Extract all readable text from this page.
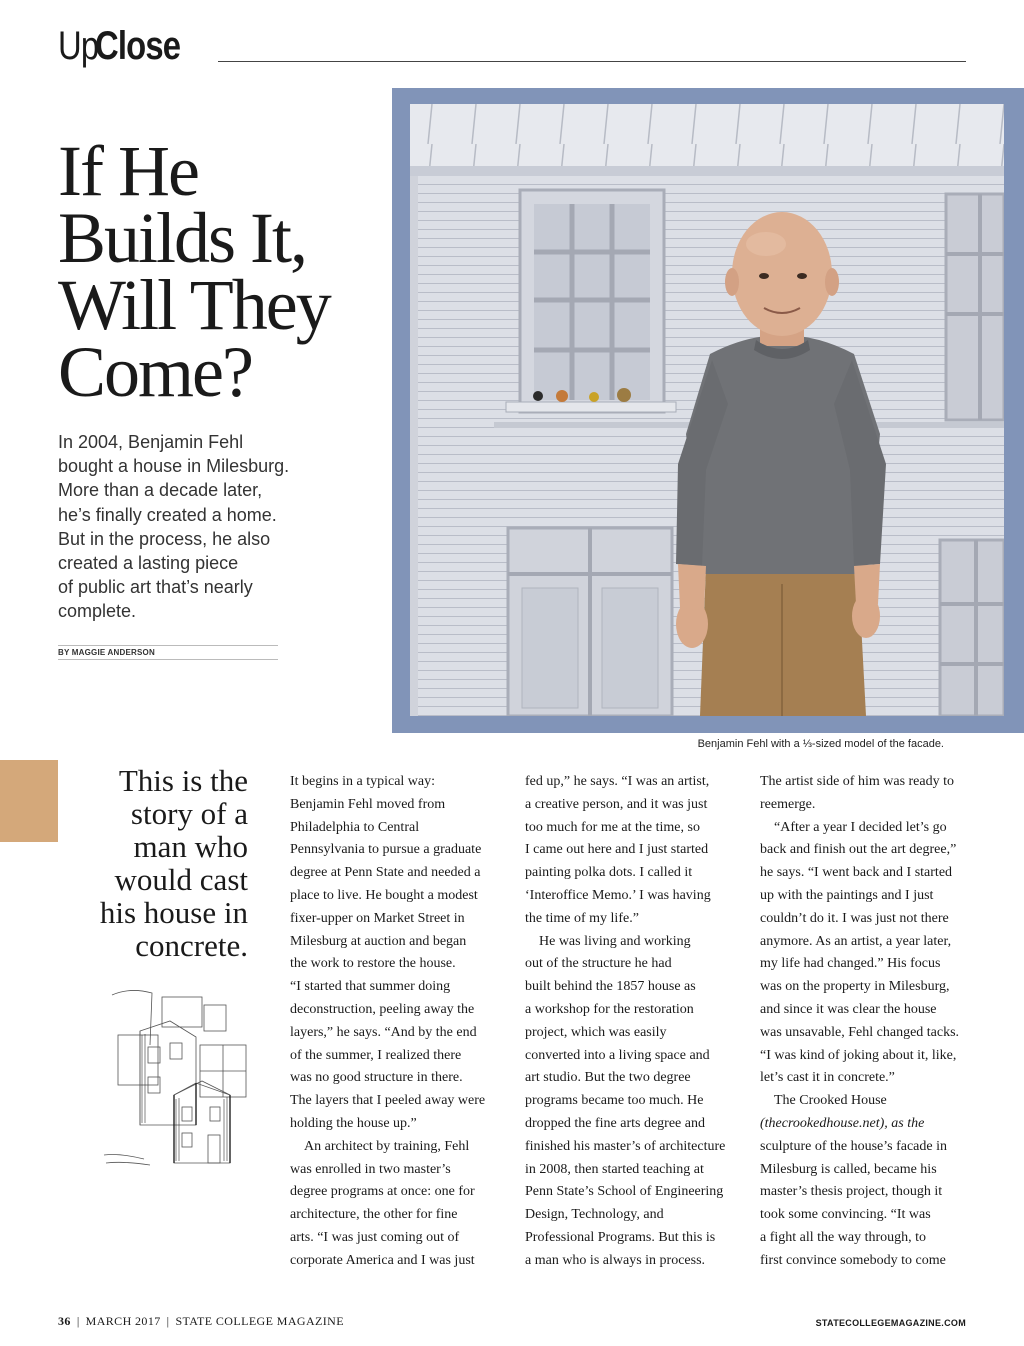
UpClose
If He
Builds It,
Will They
Come?

In 2004, Benjamin Fehl
bought a house in Milesburg.
More than a decade later,
he’s finally created a home.
But in the process, he also
created a lasting piece
of public art that’s nearly
complete.

BY MAGGIE ANDERSON
Benjamin Fehl with a ⅓-sized model of the facade.

This is the
story of a
man who
would cast
his house in
concrete.

It begins in a typical way:
Benjamin Fehl moved from
Philadelphia to Central
Pennsylvania to pursue a graduate
degree at Penn State and needed a
place to live. He bought a modest
fixer-upper on Market Street in
Milesburg at auction and began
the work to restore the house.
“I started that summer doing
deconstruction, peeling away the
layers,” he says. “And by the end
of the summer, I realized there
was no good structure in there.
The layers that I peeled away were
holding the house up.”
An architect by training, Fehl
was enrolled in two master’s
degree programs at once: one for
architecture, the other for fine
arts. “I was just coming out of
corporate America and I was just
fed up,” he says. “I was an artist,
a creative person, and it was just
too much for me at the time, so
I came out here and I just started
painting polka dots. I called it
‘Interoffice Memo.’ I was having
the time of my life.”
He was living and working
out of the structure he had
built behind the 1857 house as
a workshop for the restoration
project, which was easily
converted into a living space and
art studio. But the two degree
programs became too much. He
dropped the fine arts degree and
finished his master’s of architecture
in 2008, then started teaching at
Penn State’s School of Engineering
Design, Technology, and
Professional Programs. But this is
a man who is always in process.
The artist side of him was ready to
reemerge.
“After a year I decided let’s go
back and finish out the art degree,”
he says. “I went back and I started
up with the paintings and I just
couldn’t do it. I was just not there
anymore. As an artist, a year later,
my life had changed.” His focus
was on the property in Milesburg,
and since it was clear the house
was unsavable, Fehl changed tacks.
“I was kind of joking about it, like,
let’s cast it in concrete.”
The Crooked House
(thecrookedhouse.net), as the
sculpture of the house’s facade in
Milesburg is called, became his
master’s thesis project, though it
took some convincing. “It was
a fight all the way through, to
first convince somebody to come
36 | MARCH 2017 | STATE COLLEGE MAGAZINE	STATECOLLEGEMAGAZINE.COM
